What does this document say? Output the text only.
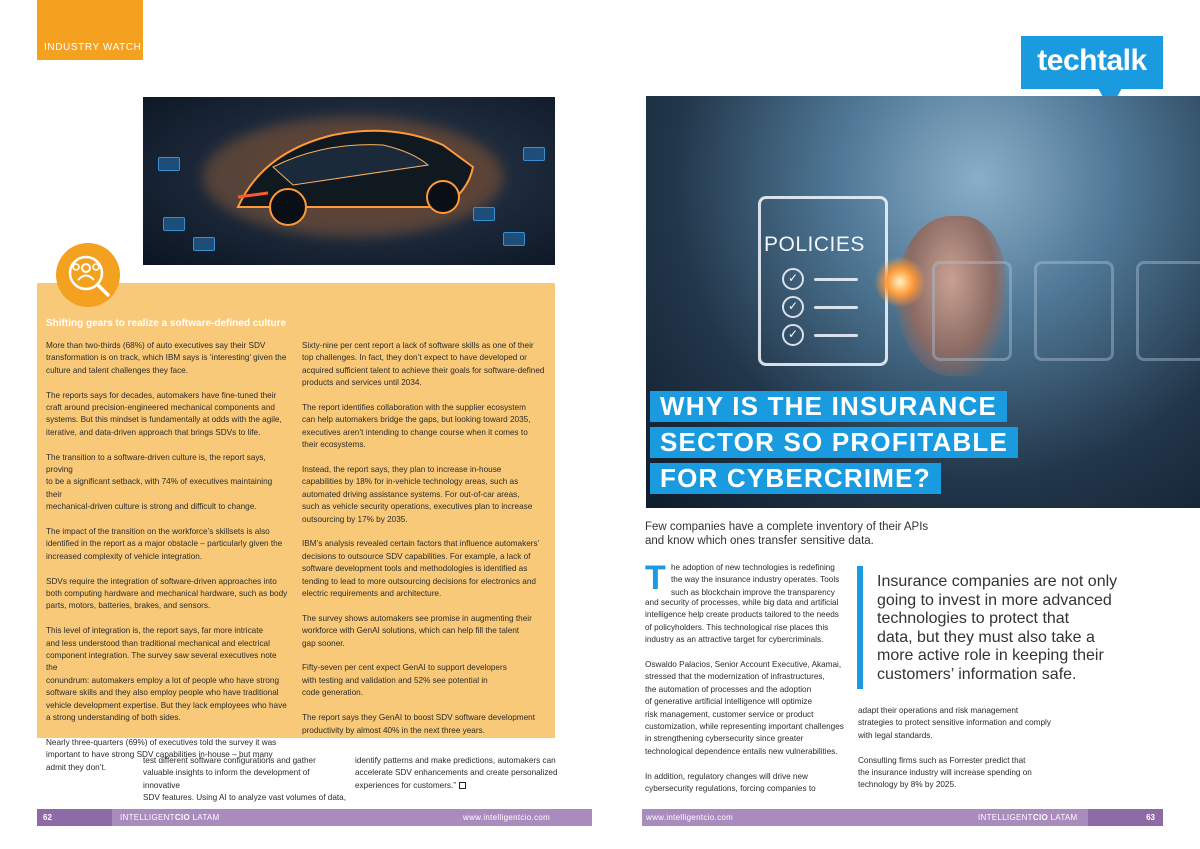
INDUSTRY WATCH
Shifting gears to realize a software-defined culture

More than two-thirds (68%) of auto executives say their SDV
transformation is on track, which IBM says is ‘interesting’ given the
culture and talent challenges they face.

The reports says for decades, automakers have fine-tuned their
craft around precision-engineered mechanical components and
systems. But this mindset is fundamentally at odds with the agile,
iterative, and data-driven approach that brings SDVs to life.

The transition to a software-driven culture is, the report says, proving
to be a significant setback, with 74% of executives maintaining their
mechanical-driven culture is strong and difficult to change.

The impact of the transition on the workforce’s skillsets is also
identified in the report as a major obstacle – particularly given the
increased complexity of vehicle integration.

SDVs require the integration of software-driven approaches into
both computing hardware and mechanical hardware, such as body
parts, motors, batteries, brakes, and sensors.

This level of integration is, the report says, far more intricate
and less understood than traditional mechanical and electrical
component integration. The survey saw several executives note the
conundrum: automakers employ a lot of people who have strong
software skills and they also employ people who have traditional
vehicle development expertise. But they lack employees who have
a strong understanding of both sides.

Nearly three-quarters (69%) of executives told the survey it was
important to have strong SDV capabilities in-house – but many
admit they don’t.

Sixty-nine per cent report a lack of software skills as one of their
top challenges. In fact, they don’t expect to have developed or
acquired sufficient talent to achieve their goals for software-defined
products and services until 2034.

The report identifies collaboration with the supplier ecosystem
can help automakers bridge the gaps, but looking toward 2035,
executives aren’t intending to change course when it comes to
their ecosystems.

Instead, the report says, they plan to increase in-house
capabilities by 18% for in-vehicle technology areas, such as
automated driving assistance systems. For out-of-car areas,
such as vehicle security operations, executives plan to increase
outsourcing by 17% by 2035.

IBM’s analysis revealed certain factors that influence automakers’
decisions to outsource SDV capabilities. For example, a lack of
software development tools and methodologies is identified as
tending to lead to more outsourcing decisions for electronics and
electric requirements and architecture.

The survey shows automakers see promise in augmenting their
workforce with GenAI solutions, which can help fill the talent
gap sooner.

Fifty-seven per cent expect GenAI to support developers
with testing and validation and 52% see potential in
code generation.

The report says they GenAI to boost SDV software development
productivity by almost 40% in the next three years.

test different software configurations and gather
valuable insights to inform the development of innovative
SDV features. Using AI to analyze vast volumes of data,
identify patterns and make predictions, automakers can
accelerate SDV enhancements and create personalized
experiences for customers.”
62	INTELLIGENTCIO LATAM	www.intelligentcio.com
techtalk
POLICIES
✓
✓
✓
WHY IS THE INSURANCE
SECTOR SO PROFITABLE
FOR CYBERCRIME?
Few companies have a complete inventory of their APIs
and know which ones transfer sensitive data.
T he adoption of new technologies is redefining
the way the insurance industry operates. Tools
such as blockchain improve the transparency
and security of processes, while big data and artificial
intelligence help create products tailored to the needs
of policyholders. This technological rise places this
industry as an attractive target for cybercriminals.

Oswaldo Palacios, Senior Account Executive, Akamai,
stressed that the modernization of infrastructures,
the automation of processes and the adoption
of generative artificial intelligence will optimize
risk management, customer service or product
customization, while representing important challenges
in strengthening cybersecurity since greater
technological dependence entails new vulnerabilities.

In addition, regulatory changes will drive new
cybersecurity regulations, forcing companies to
Insurance companies are not only
going to invest in more advanced
technologies to protect that
data, but they must also take a
more active role in keeping their
customers’ information safe.
adapt their operations and risk management
strategies to protect sensitive information and comply
with legal standards.

Consulting firms such as Forrester predict that
the insurance industry will increase spending on
technology by 8% by 2025.
www.intelligentcio.com	INTELLIGENTCIO LATAM	63
